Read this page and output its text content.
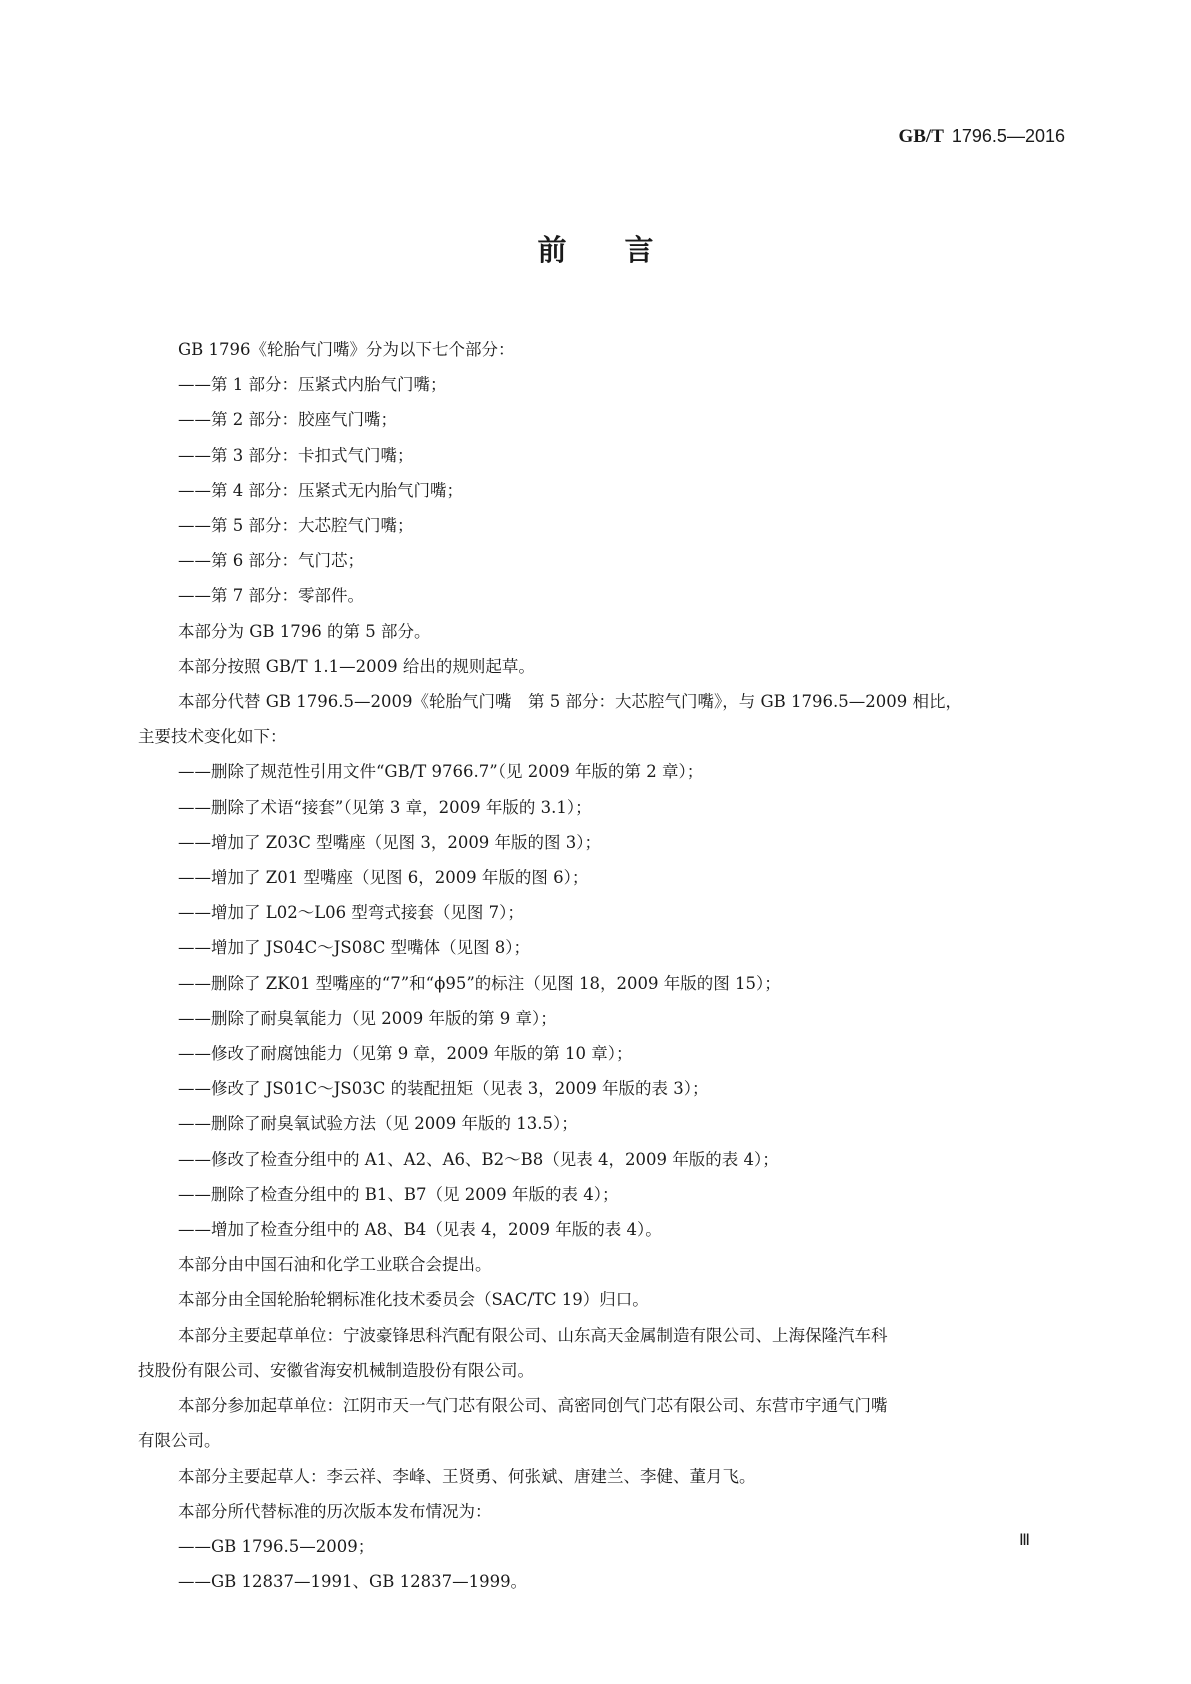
GB/T 1796.5—2016
前言

GB 1796《轮胎气门嘴》分为以下七个部分：

——第 1 部分：压紧式内胎气门嘴；

——第 2 部分：胶座气门嘴；

——第 3 部分：卡扣式气门嘴；

——第 4 部分：压紧式无内胎气门嘴；

——第 5 部分：大芯腔气门嘴；

——第 6 部分：气门芯；

——第 7 部分：零部件。

本部分为 GB 1796 的第 5 部分。

本部分按照 GB/T 1.1—2009 给出的规则起草。

本部分代替 GB 1796.5—2009《轮胎气门嘴　第 5 部分：大芯腔气门嘴》，与 GB 1796.5—2009 相比，

主要技术变化如下：

——删除了规范性引用文件“GB/T 9766.7”（见 2009 年版的第 2 章）；

——删除了术语“接套”（见第 3 章，2009 年版的 3.1）；

——增加了 Z03C 型嘴座（见图 3，2009 年版的图 3）；

——增加了 Z01 型嘴座（见图 6，2009 年版的图 6）；

——增加了 L02～L06 型弯式接套（见图 7）；

——增加了 JS04C～JS08C 型嘴体（见图 8）；

——删除了 ZK01 型嘴座的“7”和“ϕ95”的标注（见图 18，2009 年版的图 15）；

——删除了耐臭氧能力（见 2009 年版的第 9 章）；

——修改了耐腐蚀能力（见第 9 章，2009 年版的第 10 章）；

——修改了 JS01C～JS03C 的装配扭矩（见表 3，2009 年版的表 3）；

——删除了耐臭氧试验方法（见 2009 年版的 13.5）；

——修改了检查分组中的 A1、A2、A6、B2～B8（见表 4，2009 年版的表 4）；

——删除了检查分组中的 B1、B7（见 2009 年版的表 4）；

——增加了检查分组中的 A8、B4（见表 4，2009 年版的表 4）。

本部分由中国石油和化学工业联合会提出。

本部分由全国轮胎轮辋标准化技术委员会（SAC/TC 19）归口。

本部分主要起草单位：宁波豪锋思科汽配有限公司、山东高天金属制造有限公司、上海保隆汽车科

技股份有限公司、安徽省海安机械制造股份有限公司。

本部分参加起草单位：江阴市天一气门芯有限公司、高密同创气门芯有限公司、东营市宇通气门嘴

有限公司。

本部分主要起草人：李云祥、李峰、王贤勇、何张斌、唐建兰、李健、董月飞。

本部分所代替标准的历次版本发布情况为：

——GB 1796.5—2009；

——GB 12837—1991、GB 12837—1999。

Ⅲ
